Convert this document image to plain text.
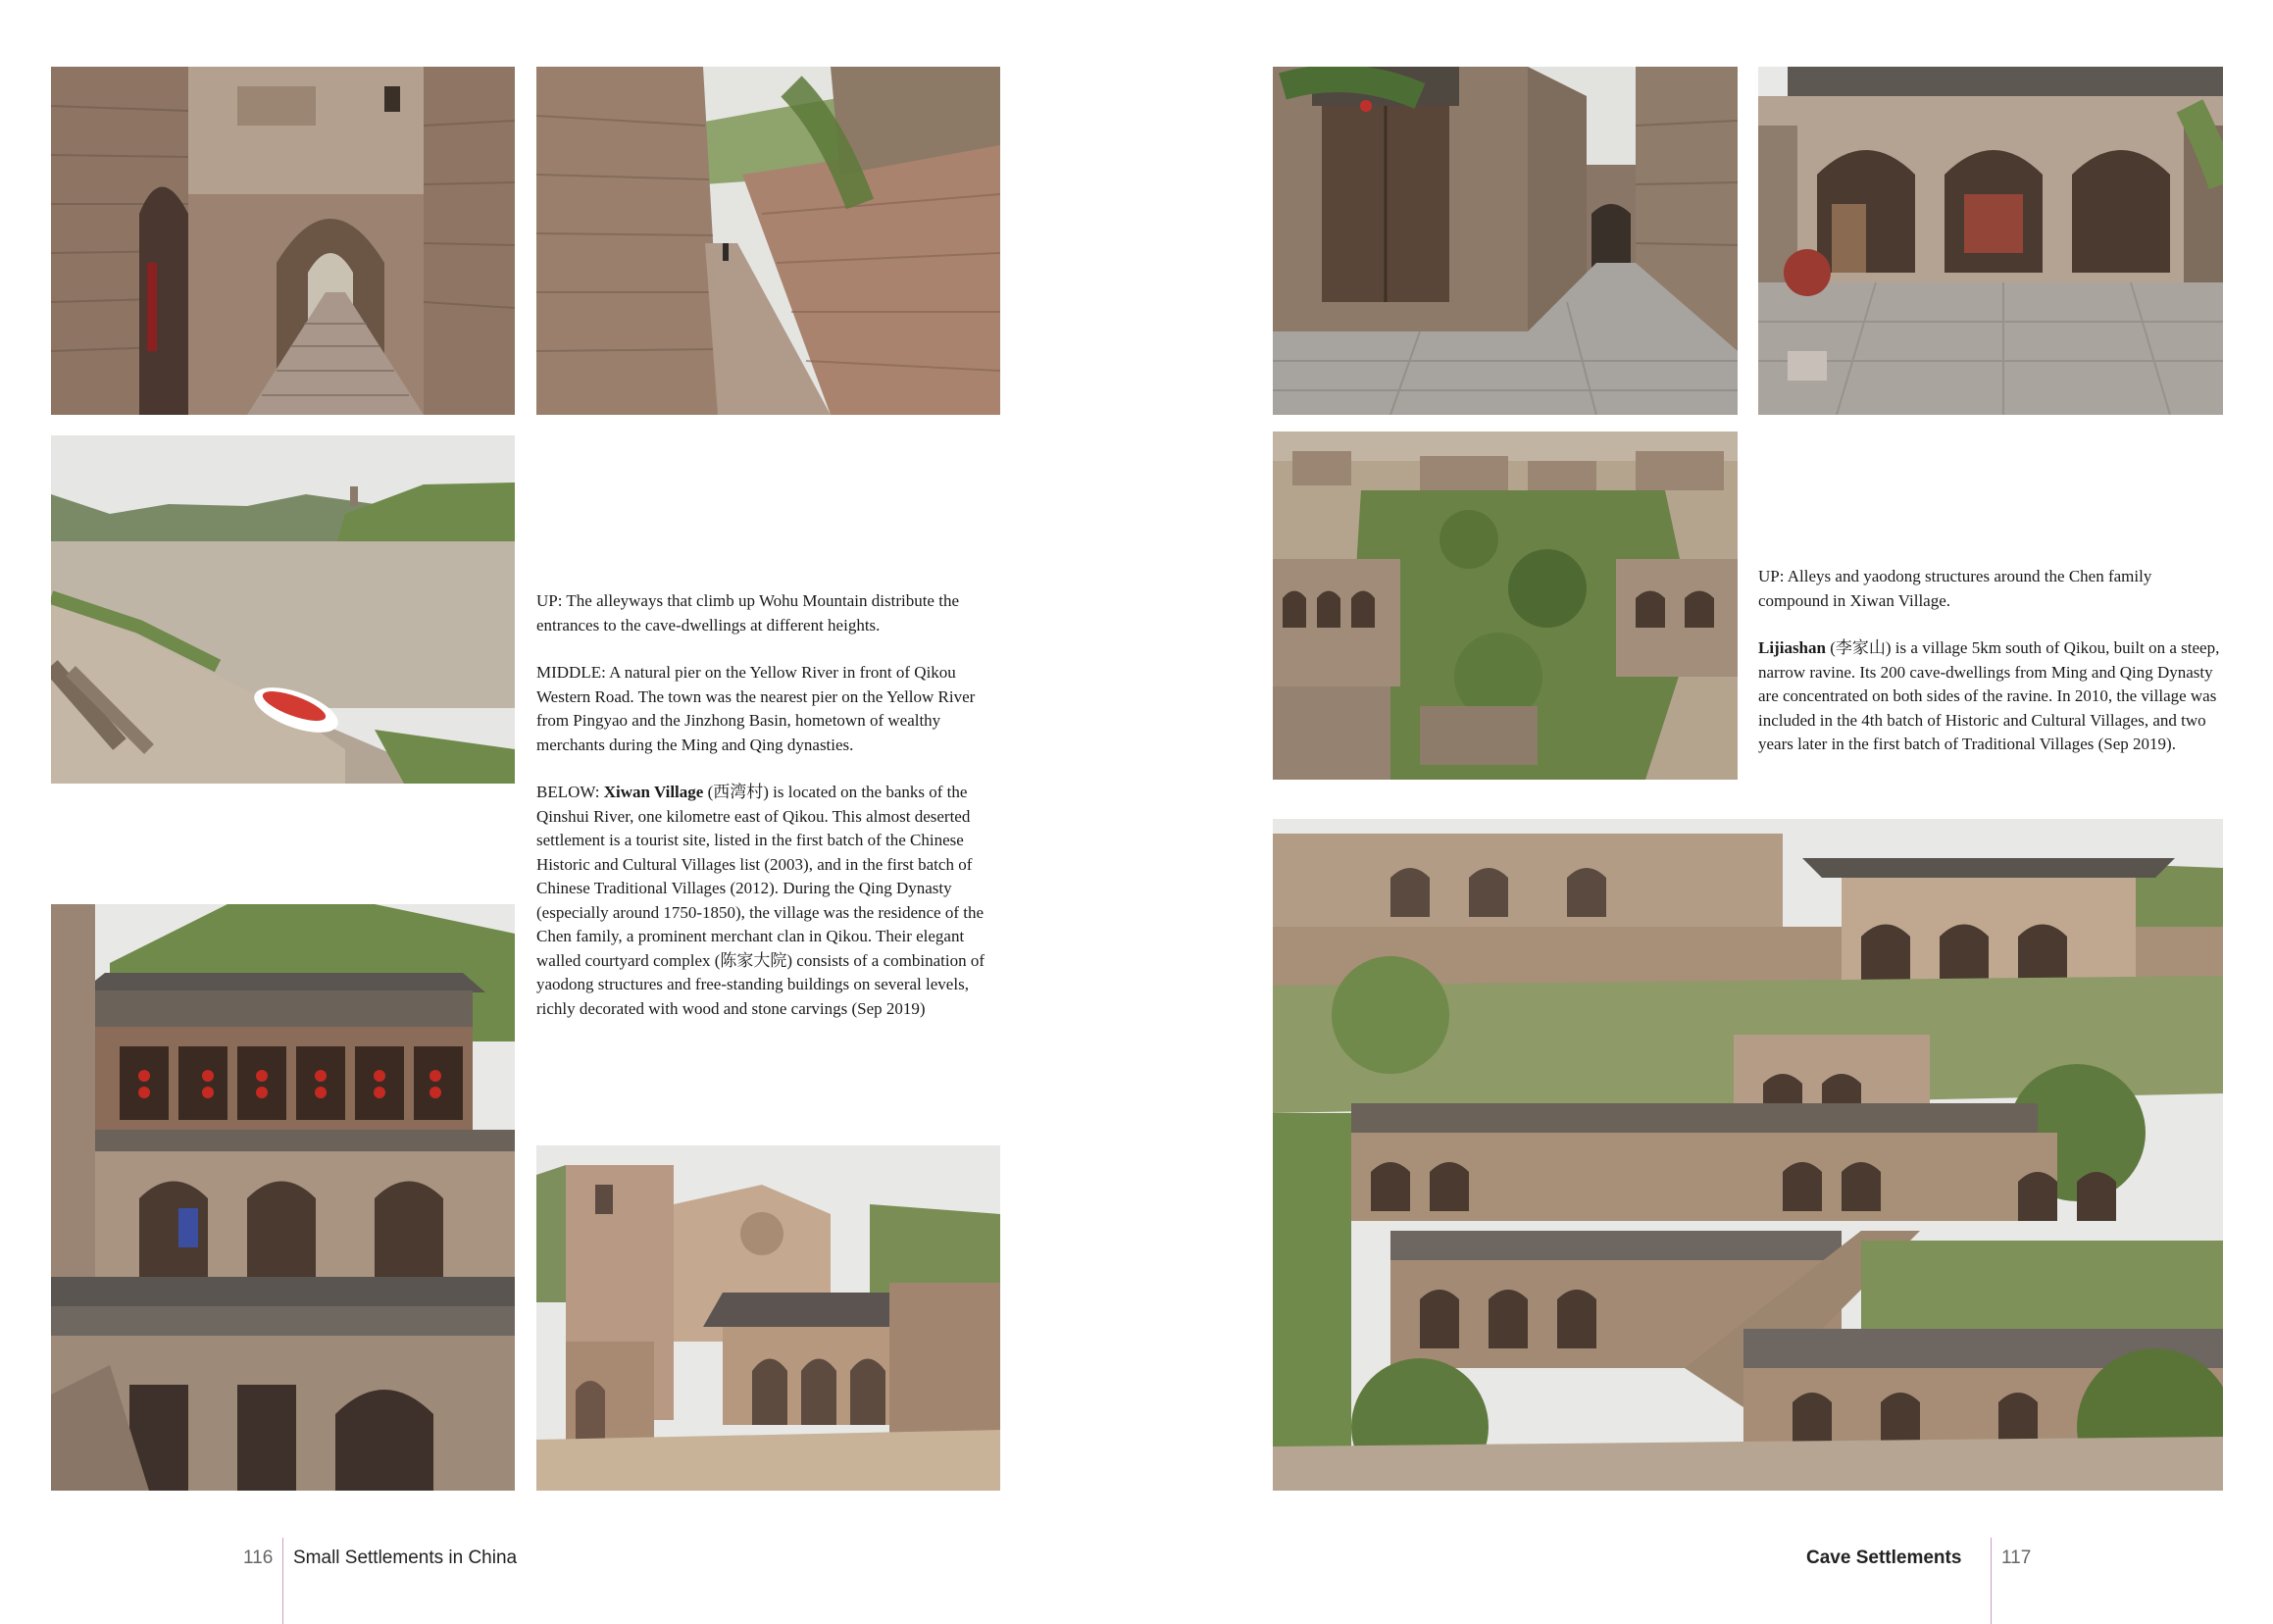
UP: The alleyways that climb up Wohu Mountain distribute the entrances to the cave-dwellings at different heights.

MIDDLE: A natural pier on the Yellow River in front of Qikou Western Road. The town was the nearest pier on the Yellow River from Pingyao and the Jinzhong Basin, hometown of wealthy merchants during the Ming and Qing dynasties.

BELOW: Xiwan Village (西湾村) is located on the banks of the Qinshui River, one kilometre east of Qikou. This almost deserted settlement is a tourist site, listed in the first batch of the Chinese Historic and Cultural Villages list (2003), and in the first batch of Chinese Traditional Villages (2012). During the Qing Dynasty (especially around 1750-1850), the village was the residence of the Chen family, a prominent merchant clan in Qikou. Their elegant walled courtyard complex (陈家大院) consists of a combination of yaodong structures and free-standing buildings on several levels, richly decorated with wood and stone carvings (Sep 2019)

116 Small Settlements in China

UP: Alleys and yaodong structures around the Chen family compound in Xiwan Village.

Lijiashan (李家山) is a village 5km south of Qikou, built on a steep, narrow ravine. Its 200 cave-dwellings from Ming and Qing Dynasty are concentrated on both sides of the ravine. In 2010, the village was included in the 4th batch of Historic and Cultural Villages, and two years later in the first batch of Traditional Villages (Sep 2019).

Cave Settlements 117
